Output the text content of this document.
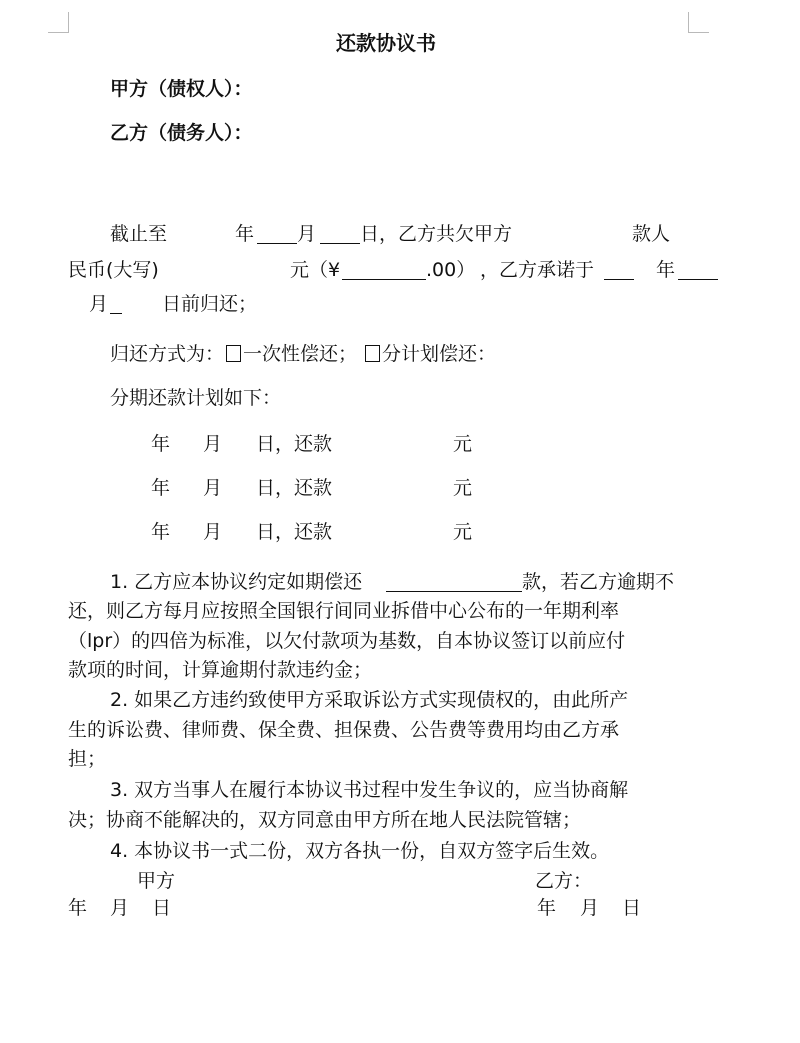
还款协议书
甲方（债权人）：
乙方（债务人）：
截止至	年 月 日，乙方共欠甲方	款人
民币(大写)	元（¥	.00） ，乙方承诺于	年
月	日前归还；
归还方式为： 一次性偿还； 分计划偿还：
分期还款计划如下：
年 月 日，还款	元
年 月 日，还款	元
年 月 日，还款	元
1. 乙方应本协议约定如期偿还	款，若乙方逾期不
还，则乙方每月应按照全国银行间同业拆借中心公布的一年期利率
（lpr）的四倍为标准，以欠付款项为基数，自本协议签订以前应付
款项的时间，计算逾期付款违约金；
2. 如果乙方违约致使甲方采取诉讼方式实现债权的，由此所产
生的诉讼费、律师费、保全费、担保费、公告费等费用均由乙方承
担；
3. 双方当事人在履行本协议书过程中发生争议的，应当协商解
决；协商不能解决的，双方同意由甲方所在地人民法院管辖；
4. 本协议书一式二份，双方各执一份，自双方签字后生效。
甲方	乙方：
年 月 日	年 月 日
